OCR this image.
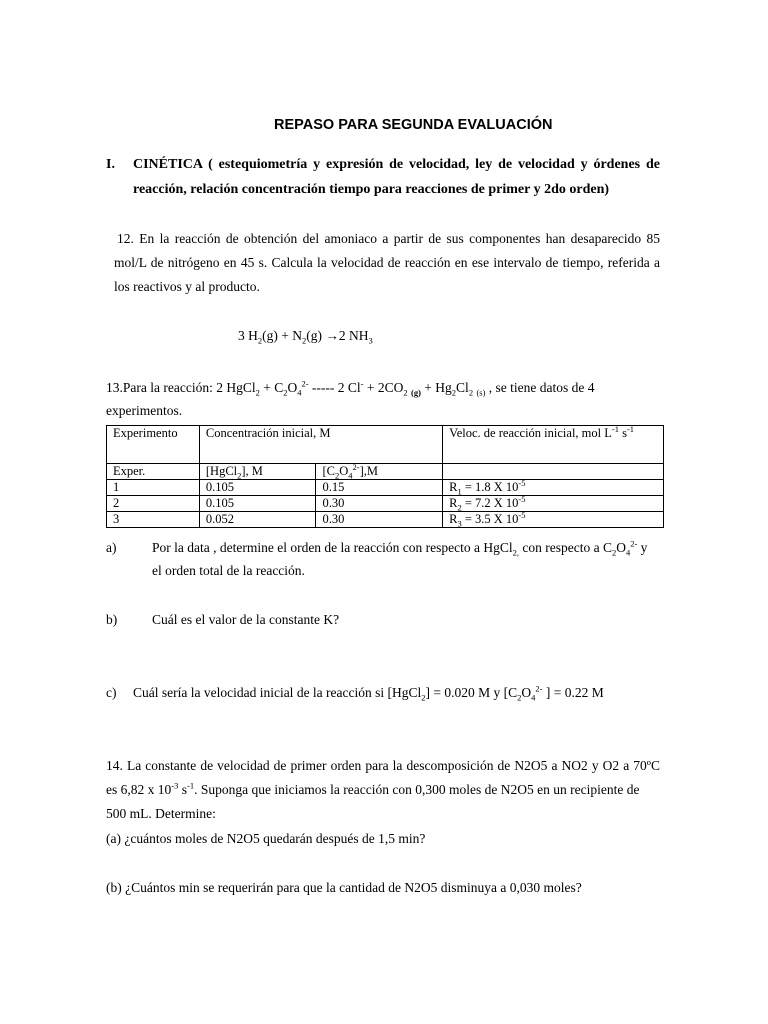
REPASO PARA SEGUNDA EVALUACIÓN
I. CINÉTICA ( estequiometría y expresión de velocidad, ley de velocidad y órdenes de
reacción, relación concentración tiempo para reacciones de primer y 2do orden)
12. En la reacción de obtención del amoniaco a partir de sus componentes han desaparecido 85
mol/L de nitrógeno en 45 s. Calcula la velocidad de reacción en ese intervalo de tiempo, referida a
los reactivos y al producto.
3 $H_2(g) + N_2(g) \to 2$ $NH_3$
13.Para la reacción: 2 HgCl$_2$ + $C_2O_4^{2-}$ ----- 2 $Cl^- + 2CO_2$ $_{(g)} + Hg_2Cl_2$ $_{(s)}$ , se tiene datos de 4
experimentos.
Experimento	Concentración inicial, M		Veloc. de reacción inicial, mol $L^{-1}$ $s^{-1}$
Exper.	[HgCl$_2$], M	$[C_2O_4^{2-}],M$	
1	0.105	0.15	$R_1 = 1.8$ X $10^{-5}$
2	0.105	0.30	$R_2 = 7.2$ X $10^{-5}$
3	0.052	0.30	$R_3 = 3.5$ X $10^{-5}$
a)	Por la data , determine el orden de la reacción con respecto a HgCl$_{2,}$ con respecto a $C_2O_4^{2-}$ y
el orden total de la reacción.
b)	Cuál es el valor de la constante K?
c) Cuál sería la velocidad inicial de la reacción si [HgCl$_2$] = 0.020 M y [$C_2O_4^{2-}$ ] = 0.22 M
14. La constante de velocidad de primer orden para la descomposición de N2O5 a NO2 y O2 a 70ºC
es 6,82 x $10^{-3}$ $s^{-1}$. Suponga que iniciamos la reacción con 0,300 moles de N2O5 en un recipiente de
500 mL. Determine:
(a) ¿cuántos moles de N2O5 quedarán después de 1,5 min?
(b) ¿Cuántos min se requerirán para que la cantidad de N2O5 disminuya a 0,030 moles?
